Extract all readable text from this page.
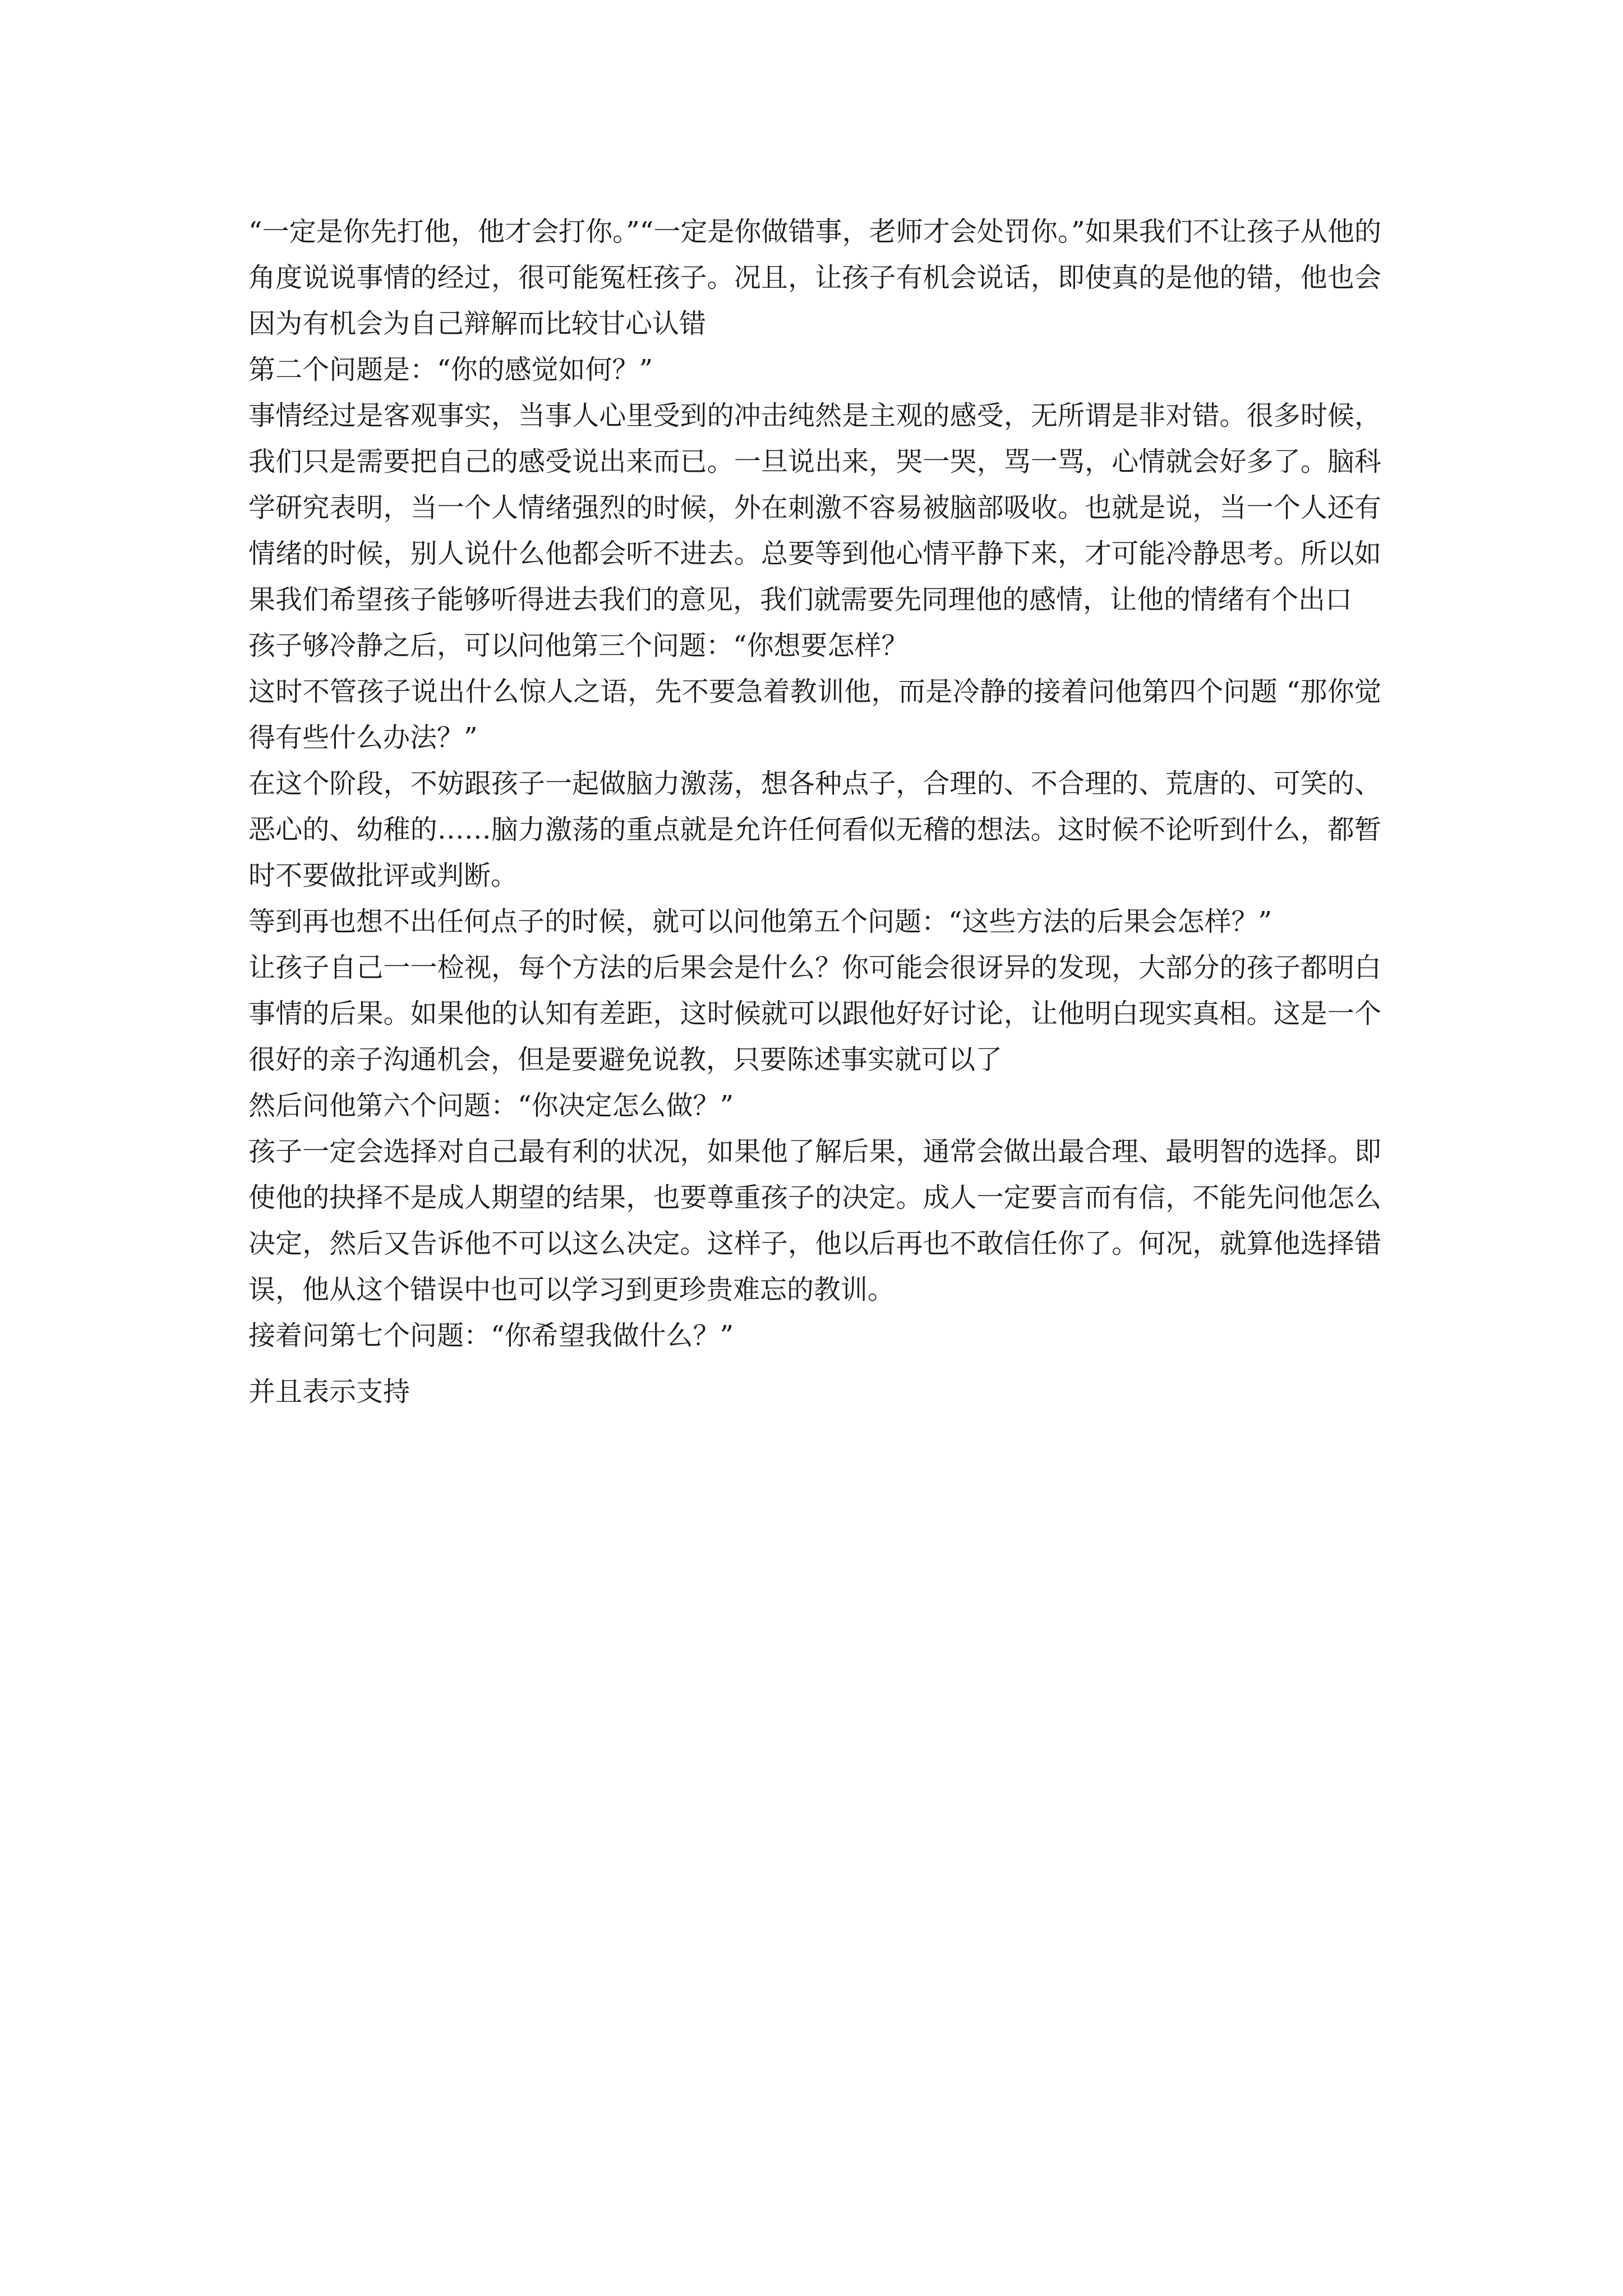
“一定是你先打他，他才会打你。”“一定是你做错事，老师才会处罚你。”如果我们不让孩子从他的角度说说事情的经过，很可能冤枉孩子。况且，让孩子有机会说话，即使真的是他的错，他也会因为有机会为自己辩解而比较甘心认错

第二个问题是：“你的感觉如何？”

事情经过是客观事实，当事人心里受到的冲击纯然是主观的感受，无所谓是非对错。很多时候，我们只是需要把自己的感受说出来而已。一旦说出来，哭一哭，骂一骂，心情就会好多了。脑科学研究表明，当一个人情绪强烈的时候，外在刺激不容易被脑部吸收。也就是说，当一个人还有情绪的时候，别人说什么他都会听不进去。总要等到他心情平静下来，才可能冷静思考。所以如果我们希望孩子能够听得进去我们的意见，我们就需要先同理他的感情，让他的情绪有个出口

孩子够冷静之后，可以问他第三个问题：“你想要怎样？

这时不管孩子说出什么惊人之语，先不要急着教训他，而是冷静的接着问他第四个问题 “那你觉得有些什么办法？”

在这个阶段，不妨跟孩子一起做脑力激荡，想各种点子，合理的、不合理的、荒唐的、可笑的、恶心的、幼稚的……脑力激荡的重点就是允许任何看似无稽的想法。这时候不论听到什么，都暂时不要做批评或判断。

等到再也想不出任何点子的时候，就可以问他第五个问题：“这些方法的后果会怎样？”

让孩子自己一一检视，每个方法的后果会是什么？你可能会很讶异的发现，大部分的孩子都明白事情的后果。如果他的认知有差距，这时候就可以跟他好好讨论，让他明白现实真相。这是一个很好的亲子沟通机会，但是要避免说教，只要陈述事实就可以了

然后问他第六个问题：“你决定怎么做？”

孩子一定会选择对自己最有利的状况，如果他了解后果，通常会做出最合理、最明智的选择。即使他的抉择不是成人期望的结果，也要尊重孩子的决定。成人一定要言而有信，不能先问他怎么决定，然后又告诉他不可以这么决定。这样子，他以后再也不敢信任你了。何况，就算他选择错误，他从这个错误中也可以学习到更珍贵难忘的教训。

接着问第七个问题：“你希望我做什么？”

并且表示支持
